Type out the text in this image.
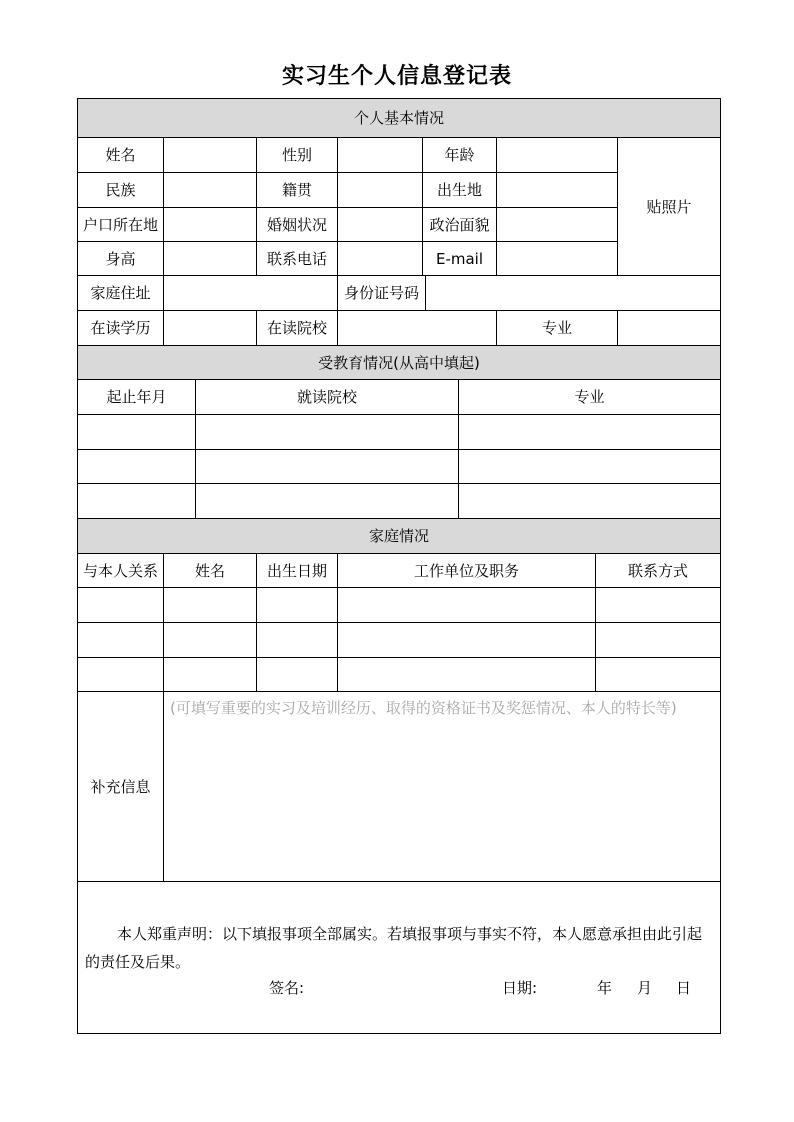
实习生个人信息登记表
个人基本情况
姓名	性别	年龄
贴照片
民族	籍贯	出生地
户口所在地	婚姻状况	政治面貌
身高	联系电话	E-mail
家庭住址	身份证号码
在读学历	在读院校	专业
受教育情况(从高中填起)
起止年月	就读院校	专业
家庭情况
与本人关系	姓名	出生日期	工作单位及职务	联系方式
补充信息
(可填写重要的实习及培训经历、取得的资格证书及奖惩情况、本人的特长等)
本人郑重声明：以下填报事项全部属实。若填报事项与事实不符，本人愿意承担由此引起的责任及后果。
签名:	日期:	年 月 日
